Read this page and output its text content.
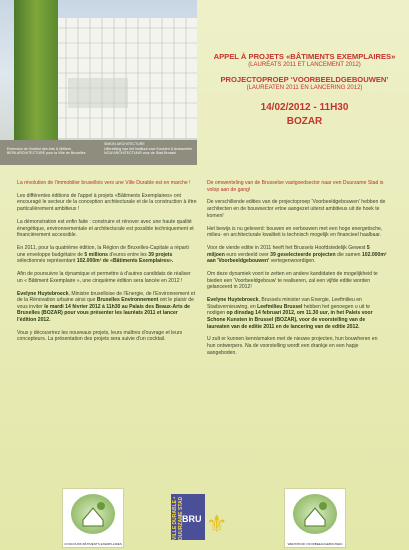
SIMON ARCHITECTURE
Extension de l'Institut des Arts & Métiers
BEPA ARCHITECTURE pour la Ville de Bruxelles
Uitbreiding van het Instituut voor Kunsten & Ambachten
NCW ARCHITECTUUR voor de Stad Brussel
APPEL À PROJETS «BÂTIMENTS EXEMPLAIRES»
(LAURÉATS 2011 ET LANCEMENT 2012)
PROJECTOPROEP ‘VOORBEELDGEBOUWEN’
(LAUREATEN 2011 EN LANCERING 2012)
14/02/2012 - 11H30
BOZAR

La révolution de l'immobilier bruxellois vers une Ville Durable est en marche !

Les différentes éditions de l'appel à projets «Bâtiments Exemplaires» ont encouragé le secteur de la conception architecturale et de la construction à être particulièrement ambitieux !

La démonstration est enfin faite : construire et rénover avec une haute qualité énergétique, environnementale et architecturale est possible techniquement et financièrement accessible.

En 2011, pour la quatrième édition, la Région de Bruxelles-Capitale a réparti une enveloppe budgétaire de 5 millions d'euros entre les 39 projets sélectionnés représentant 102.000m² de «Bâtiments Exemplaires».

Afin de poursuivre la dynamique et permettre à d'autres candidats de réaliser un « Bâtiment Exemplaire », une cinquième édition sera lancée en 2012 !

Evelyne Huytebroeck, Ministre bruxelloise de l'Energie, de l'Environnement et de la Rénovation urbaine ainsi que Bruxelles Environnement ont le plaisir de vous inviter le mardi 14 février 2012 à 11h30 au Palais des Beaux-Arts de Bruxelles (BOZAR) pour vous présenter les lauréats 2011 et lancer l'édition 2012.

Vous y découvrirez les nouveaux projets, leurs maîtres d'ouvrage et leurs concepteurs. La présentation des projets sera suivie d'un cocktail.

De omwenteling van de Brusselse vastgoedsector naar een Duurzame Stad is volop aan de gang!

De verschillende edities van de projectoproep 'Voorbeeldgebouwen' hebben de architecten en de bouwsector ertoe aangezet uiterst ambitieus uit de hoek te komen!

Het bewijs is nu geleverd: bouwen en verbouwen met een hoge energetische, milieu- en architecturale kwaliteit is technisch mogelijk en financieel haalbaar.

Voor de vierde editie in 2011 heeft het Brussels Hoofdstedelijk Gewest 5 miljoen euro verdeeld over 39 geselecteerde projecten die samen 102.000m² aan 'Voorbeeldgebouwen' vertegenwoordigen.

Om deze dynamiek voort te zetten en andere kandidaten de mogelijkheid te bieden een 'Voorbeeldgebouw' te realiseren, zal een vijfde editie worden gelanceerd in 2012!

Evelyne Huytebroeck, Brussels minister van Energie, Leefmilieu en Stadsvernieuwing, en Leefmilieu Brussel hebben het genoegen u uit te nodigen op dinsdag 14 februari 2012, om 11.30 uur, in het Paleis voor Schone Kunsten in Brussel (BOZAR), voor de voorstelling van de laureaten van de editie 2011 en de lancering van de editie 2012.

U zult er kunnen kennismaken met de nieuwe projecten, hun bouwheren en hun ontwerpers. Na de voorstelling wordt een drankje en een hapje aangeboden.

CONCOURS BÂTIMENTS EXEMPLAIRES
VILLE DURABLE • DUURZAME STAD
BRU ⚜
WEDSTRIJD VOORBEELDGEBOUWEN
